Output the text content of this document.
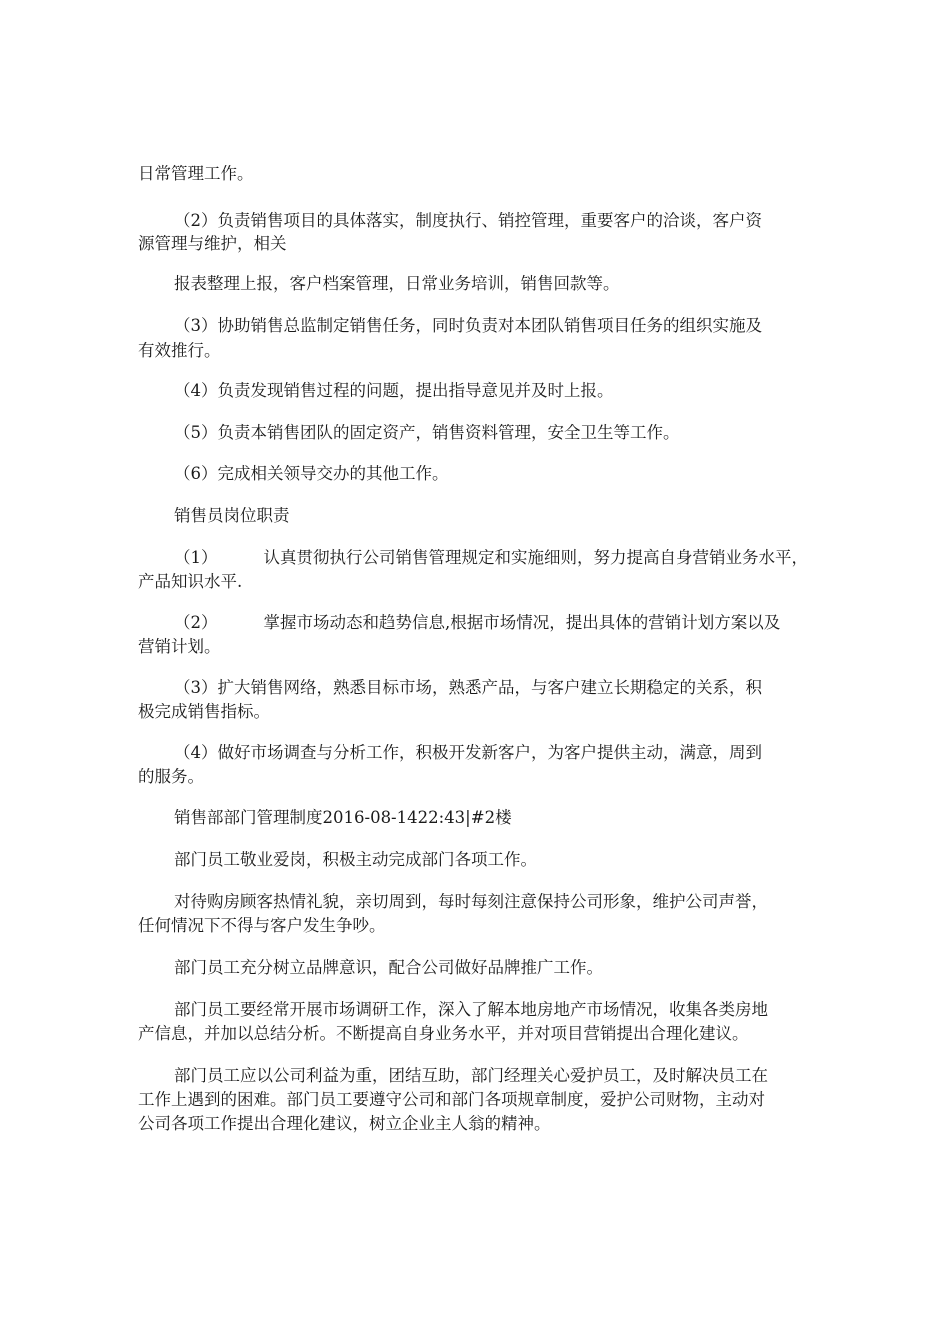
日常管理工作。
（2）负责销售项目的具体落实，制度执行、销控管理，重要客户的洽谈，客户资
源管理与维护，相关
报表整理上报，客户档案管理，日常业务培训，销售回款等。
（3）协助销售总监制定销售任务，同时负责对本团队销售项目任务的组织实施及
有效推行。
（4）负责发现销售过程的问题，提出指导意见并及时上报。
（5）负责本销售团队的固定资产，销售资料管理，安全卫生等工作。
（6）完成相关领导交办的其他工作。
销售员岗位职责
（1）	认真贯彻执行公司销售管理规定和实施细则，努力提高自身营销业务水平，
产品知识水平.
（2）	掌握市场动态和趋势信息,根据市场情况，提出具体的营销计划方案以及
营销计划。
（3）扩大销售网络，熟悉目标市场，熟悉产品，与客户建立长期稳定的关系，积
极完成销售指标。
（4）做好市场调查与分析工作，积极开发新客户，为客户提供主动，满意，周到
的服务。
销售部部门管理制度2016-08-1422:43|#2楼
部门员工敬业爱岗，积极主动完成部门各项工作。
对待购房顾客热情礼貌，亲切周到，每时每刻注意保持公司形象，维护公司声誉，
任何情况下不得与客户发生争吵。
部门员工充分树立品牌意识，配合公司做好品牌推广工作。
部门员工要经常开展市场调研工作，深入了解本地房地产市场情况，收集各类房地
产信息，并加以总结分析。不断提高自身业务水平，并对项目营销提出合理化建议。
部门员工应以公司利益为重，团结互助，部门经理关心爱护员工，及时解决员工在
工作上遇到的困难。部门员工要遵守公司和部门各项规章制度，爱护公司财物，主动对
公司各项工作提出合理化建议，树立企业主人翁的精神。
